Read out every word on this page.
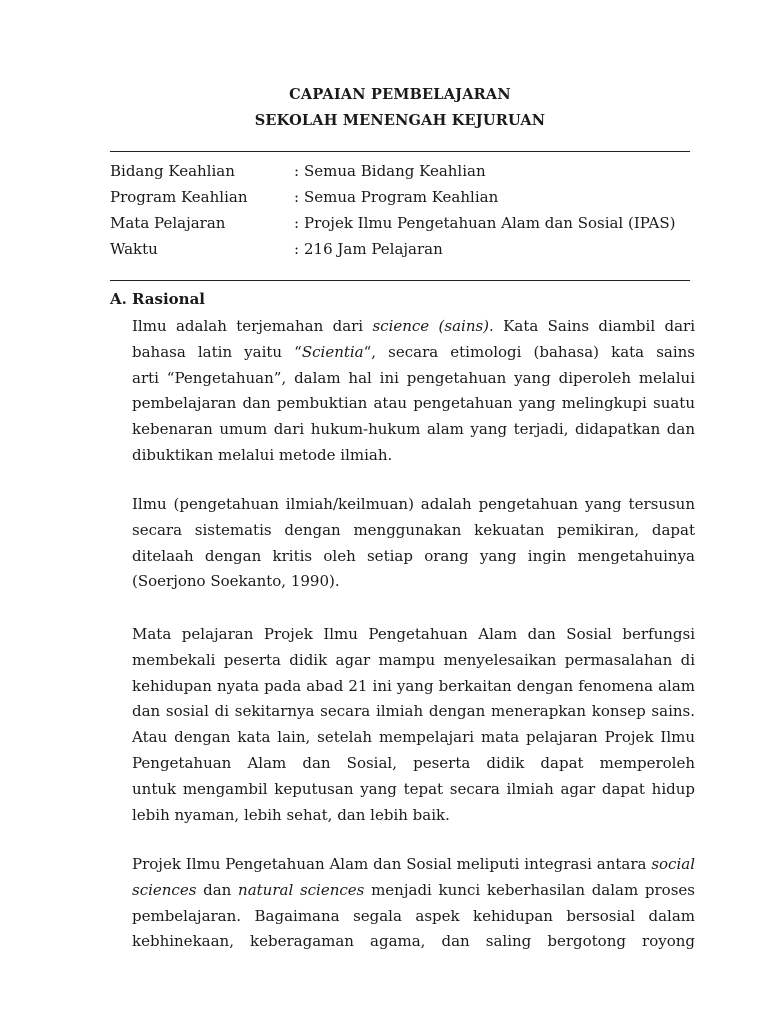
CAPAIAN PEMBELAJARAN
SEKOLAH MENENGAH KEJURUAN
Bidang Keahlian	: Semua Bidang Keahlian
Program Keahlian	: Semua Program Keahlian
Mata Pelajaran	: Projek Ilmu Pengetahuan Alam dan Sosial (IPAS)
Waktu	: 216 Jam Pelajaran
A. Rasional
Ilmu adalah terjemahan dari science (sains). Kata Sains diambil dari
bahasa latin yaitu “Scientia“, secara etimologi (bahasa) kata sains
arti “Pengetahuan”, dalam hal ini pengetahuan yang diperoleh melalui
pembelajaran dan pembuktian atau pengetahuan yang melingkupi suatu
kebenaran umum dari hukum-hukum alam yang terjadi, didapatkan dan
dibuktikan melalui metode ilmiah.
Ilmu (pengetahuan ilmiah/keilmuan) adalah pengetahuan yang tersusun
secara sistematis dengan menggunakan kekuatan pemikiran, dapat
ditelaah dengan kritis oleh setiap orang yang ingin mengetahuinya
(Soerjono Soekanto, 1990).
Mata pelajaran Projek Ilmu Pengetahuan Alam dan Sosial berfungsi
membekali peserta didik agar mampu menyelesaikan permasalahan di
kehidupan nyata pada abad 21 ini yang berkaitan dengan fenomena alam
dan sosial di sekitarnya secara ilmiah dengan menerapkan konsep sains.
Atau dengan kata lain, setelah mempelajari mata pelajaran Projek Ilmu
Pengetahuan Alam dan Sosial, peserta didik dapat memperoleh
untuk mengambil keputusan yang tepat secara ilmiah agar dapat hidup
lebih nyaman, lebih sehat, dan lebih baik.
Projek Ilmu Pengetahuan Alam dan Sosial meliputi integrasi antara social
sciences dan natural sciences menjadi kunci keberhasilan dalam proses
pembelajaran. Bagaimana segala aspek kehidupan bersosial dalam
kebhinekaan, keberagaman agama, dan saling bergotong royong
